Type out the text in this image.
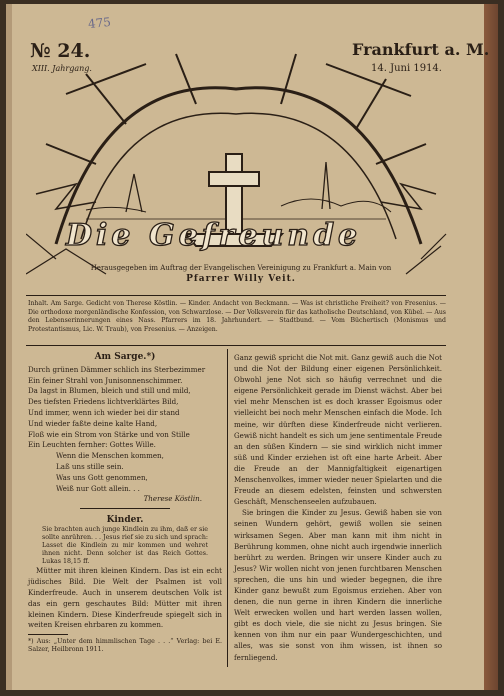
475
№ 24.
XIII. Jahrgang.
Frankfurt a. M.
14. Juni 1914.
Die Gefreunde
Herausgegeben im Auftrag der Evangelischen Vereinigung zu Frankfurt a. Main von
Pfarrer Willy Veit.
Inhalt. Am Sarge. Gedicht von Therese Köstlin. — Kinder. Andacht von Beckmann. — Was ist christliche Freiheit? von Fresenius. — Die orthodoxe morgenländische Konfession, von Schwarzlose. — Der Volksverein für das katholische Deutschland, von Kübel. — Aus den Lebenserinnerungen eines Nass. Pfarrers im 18. Jahrhundert. — Stadtbund. — Vom Büchertisch (Monismus und Protestantismus, Lic. W. Traub), von Fresenius. — Anzeigen.

Am Sarge.*)

Durch grünen Dämmer schlich ins Sterbezimmer
Ein feiner Strahl von Junisonnenschimmer.
Da lagst in Blumen, bleich und still und mild,
Des tiefsten Friedens lichtverklärtes Bild,
Und immer, wenn ich wieder bei dir stand
Und wieder faßte deine kalte Hand,
Floß wie ein Strom von Stärke und von Stille
Ein Leuchten fernher: Gottes Wille.
Wenn die Menschen kommen,
Laß uns stille sein.
Was uns Gott genommen,
Weiß nur Gott allein. . .

Therese Köstlin.

Kinder.

Sie brachten auch junge Kindlein zu ihm, daß er sie sollte anrühren. . . Jesus rief sie zu sich und sprach: Lasset die Kindlein zu mir kommen und wehret ihnen nicht. Denn solcher ist das Reich Gottes. Lukas 18,15 ff.

Mütter mit ihren kleinen Kindern. Das ist ein echt jüdisches Bild. Die Welt der Psalmen ist voll Kinderfreude. Auch in unserem deutschen Volk ist das ein gern geschautes Bild: Mütter mit ihren kleinen Kindern. Diese Kinderfreude spiegelt sich in weiten Kreisen ehrbaren zu kommen.

*) Aus: „Unter dem himmlischen Tage . . .“ Verlag: bei E. Salzer, Heilbronn 1911.

Ganz gewiß spricht die Not mit. Ganz gewiß auch die Not und die Not der Bildung einer eigenen Persönlichkeit. Obwohl jene Not sich so häufig verrechnet und die eigene Persönlichkeit gerade im Dienst wächst. Aber bei viel mehr Menschen ist es doch krasser Egoismus oder vielleicht bei noch mehr Menschen einfach die Mode. Ich meine, wir dürften diese Kinderfreude nicht verlieren. Gewiß nicht handelt es sich um jene sentimentale Freude an den süßen Kindern — sie sind wirklich nicht immer süß und Kinder erziehen ist oft eine harte Arbeit. Aber die Freude an der Mannigfaltigkeit eigenartigen Menschenvolkes, immer wieder neuer Spielarten und die Freude an diesem edelsten, feinsten und schwersten Geschäft, Menschenseelen aufzubauen.

Sie bringen die Kinder zu Jesus. Gewiß haben sie von seinen Wundern gehört, gewiß wollen sie seinen wirksamen Segen. Aber man kann mit ihm nicht in Berührung kommen, ohne nicht auch irgendwie innerlich berührt zu werden. Bringen wir unsere Kinder auch zu Jesus? Wir wollen nicht von jenen furchtbaren Menschen sprechen, die uns hin und wieder begegnen, die ihre Kinder ganz bewußt zum Egoismus erziehen. Aber von denen, die nun gerne in ihren Kindern die innerliche Welt erwecken wollen und hart werden lassen wollen, gibt es doch viele, die sie nicht zu Jesus bringen. Sie kennen von ihm nur ein paar Wundergeschichten, und alles, was sie sonst von ihm wissen, ist ihnen so fernliegend.
